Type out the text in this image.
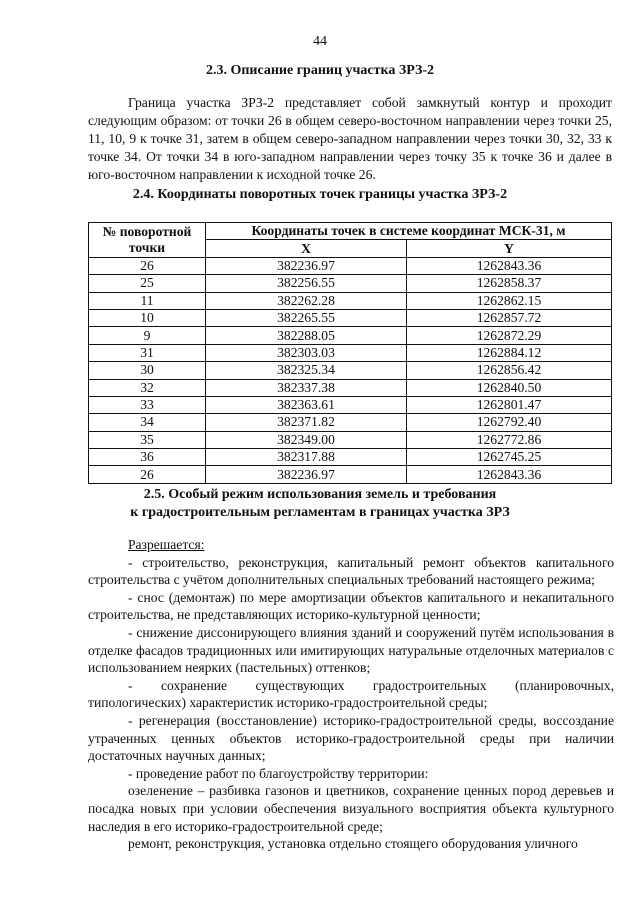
44
2.3. Описание границ участка ЗРЗ-2

Граница участка ЗРЗ-2 представляет собой замкнутый контур и проходит следующим образом: от точки 26 в общем северо-восточном направлении через точки 25, 11, 10, 9 к точке 31, затем в общем северо-западном направлении через точки 30, 32, 33 к точке 34. От точки 34 в юго-западном направлении через точку 35 к точке 36 и далее в юго-восточном направлении к исходной точке 26.

2.4. Координаты поворотных точек границы участка ЗРЗ-2
№ поворотной точки	Координаты точек в системе координат МСК-31, м	
	X	Y
26	382236.97	1262843.36
25	382256.55	1262858.37
11	382262.28	1262862.15
10	382265.55	1262857.72
9	382288.05	1262872.29
31	382303.03	1262884.12
30	382325.34	1262856.42
32	382337.38	1262840.50
33	382363.61	1262801.47
34	382371.82	1262792.40
35	382349.00	1262772.86
36	382317.88	1262745.25
26	382236.97	1262843.36
2.5. Особый режим использования земель и требования
к градостроительным регламентам в границах участка ЗРЗ

Разрешается:

- строительство, реконструкция, капитальный ремонт объектов капитального строительства с учётом дополнительных специальных требований настоящего режима;

- снос (демонтаж) по мере амортизации объектов капитального и некапитального строительства, не представляющих историко-культурной ценности;

- снижение диссонирующего влияния зданий и сооружений путём использования в отделке фасадов традиционных или имитирующих натуральные отделочных материалов с использованием неярких (пастельных) оттенков;

- сохранение существующих градостроительных (планировочных, типологических) характеристик историко-градостроительной среды;

- регенерация (восстановление) историко-градостроительной среды, воссоздание утраченных ценных объектов историко-градостроительной среды при наличии достаточных научных данных;

- проведение работ по благоустройству территории:

озеленение – разбивка газонов и цветников, сохранение ценных пород деревьев и посадка новых при условии обеспечения визуального восприятия объекта культурного наследия в его историко-градостроительной среде;

ремонт, реконструкция, установка отдельно стоящего оборудования уличного
